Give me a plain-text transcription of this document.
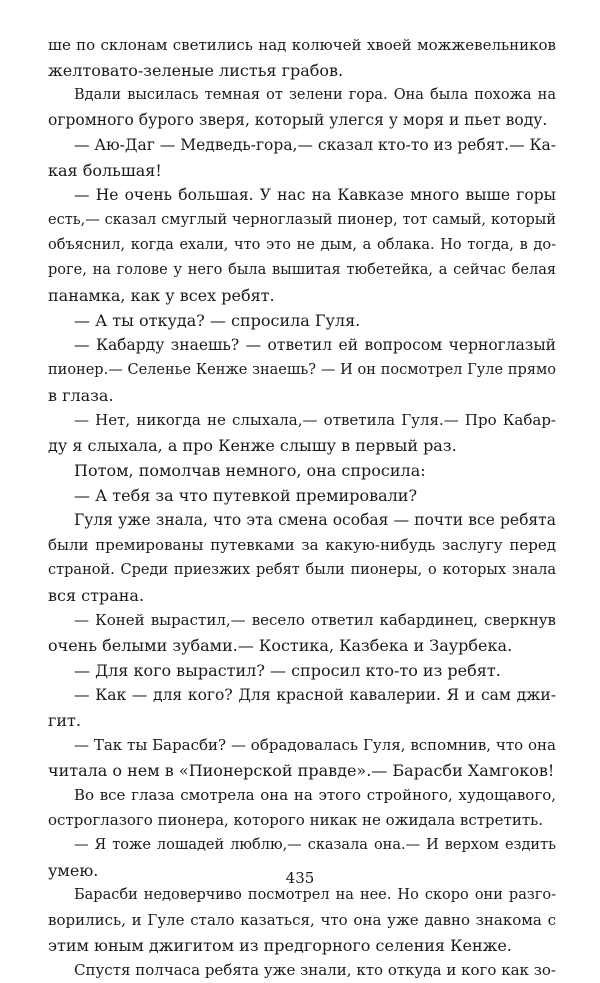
ше по склонам светились над колючей хвоей можжевельников
желтовато-зеленые листья грабов.
Вдали высилась темная от зелени гора. Она была похожа на
огромного бурого зверя, который улегся у моря и пьет воду.
— Аю-Даг — Медведь-гора,— сказал кто-то из ребят.— Ка-
кая большая!
— Не очень большая. У нас на Кавказе много выше горы
есть,— сказал смуглый черноглазый пионер, тот самый, который
объяснил, когда ехали, что это не дым, а облака. Но тогда, в до-
роге, на голове у него была вышитая тюбетейка, а сейчас белая
панамка, как у всех ребят.
— А ты откуда? — спросила Гуля.
— Кабарду знаешь? — ответил ей вопросом черноглазый
пионер.— Селенье Кенже знаешь? — И он посмотрел Гуле прямо
в глаза.
— Нет, никогда не слыхала,— ответила Гуля.— Про Кабар-
ду я слыхала, а про Кенже слышу в первый раз.
Потом, помолчав немного, она спросила:
— А тебя за что путевкой премировали?
Гуля уже знала, что эта смена особая — почти все ребята
были премированы путевками за какую-нибудь заслугу перед
страной. Среди приезжих ребят были пионеры, о которых знала
вся страна.
— Коней вырастил,— весело ответил кабардинец, сверкнув
очень белыми зубами.— Костика, Казбека и Заурбека.
— Для кого вырастил? — спросил кто-то из ребят.
— Как — для кого? Для красной кавалерии. Я и сам джи-
гит.
— Так ты Барасби? — обрадовалась Гуля, вспомнив, что она
читала о нем в «Пионерской правде».— Барасби Хамгоков!
Во все глаза смотрела она на этого стройного, худощавого,
остроглазого пионера, которого никак не ожидала встретить.
— Я тоже лошадей люблю,— сказала она.— И верхом ездить
умею.
Барасби недоверчиво посмотрел на нее. Но скоро они разго-
ворились, и Гуле стало казаться, что она уже давно знакома с
этим юным джигитом из предгорного селения Кенже.
Спустя полчаса ребята уже знали, кто откуда и кого как зо-
435
